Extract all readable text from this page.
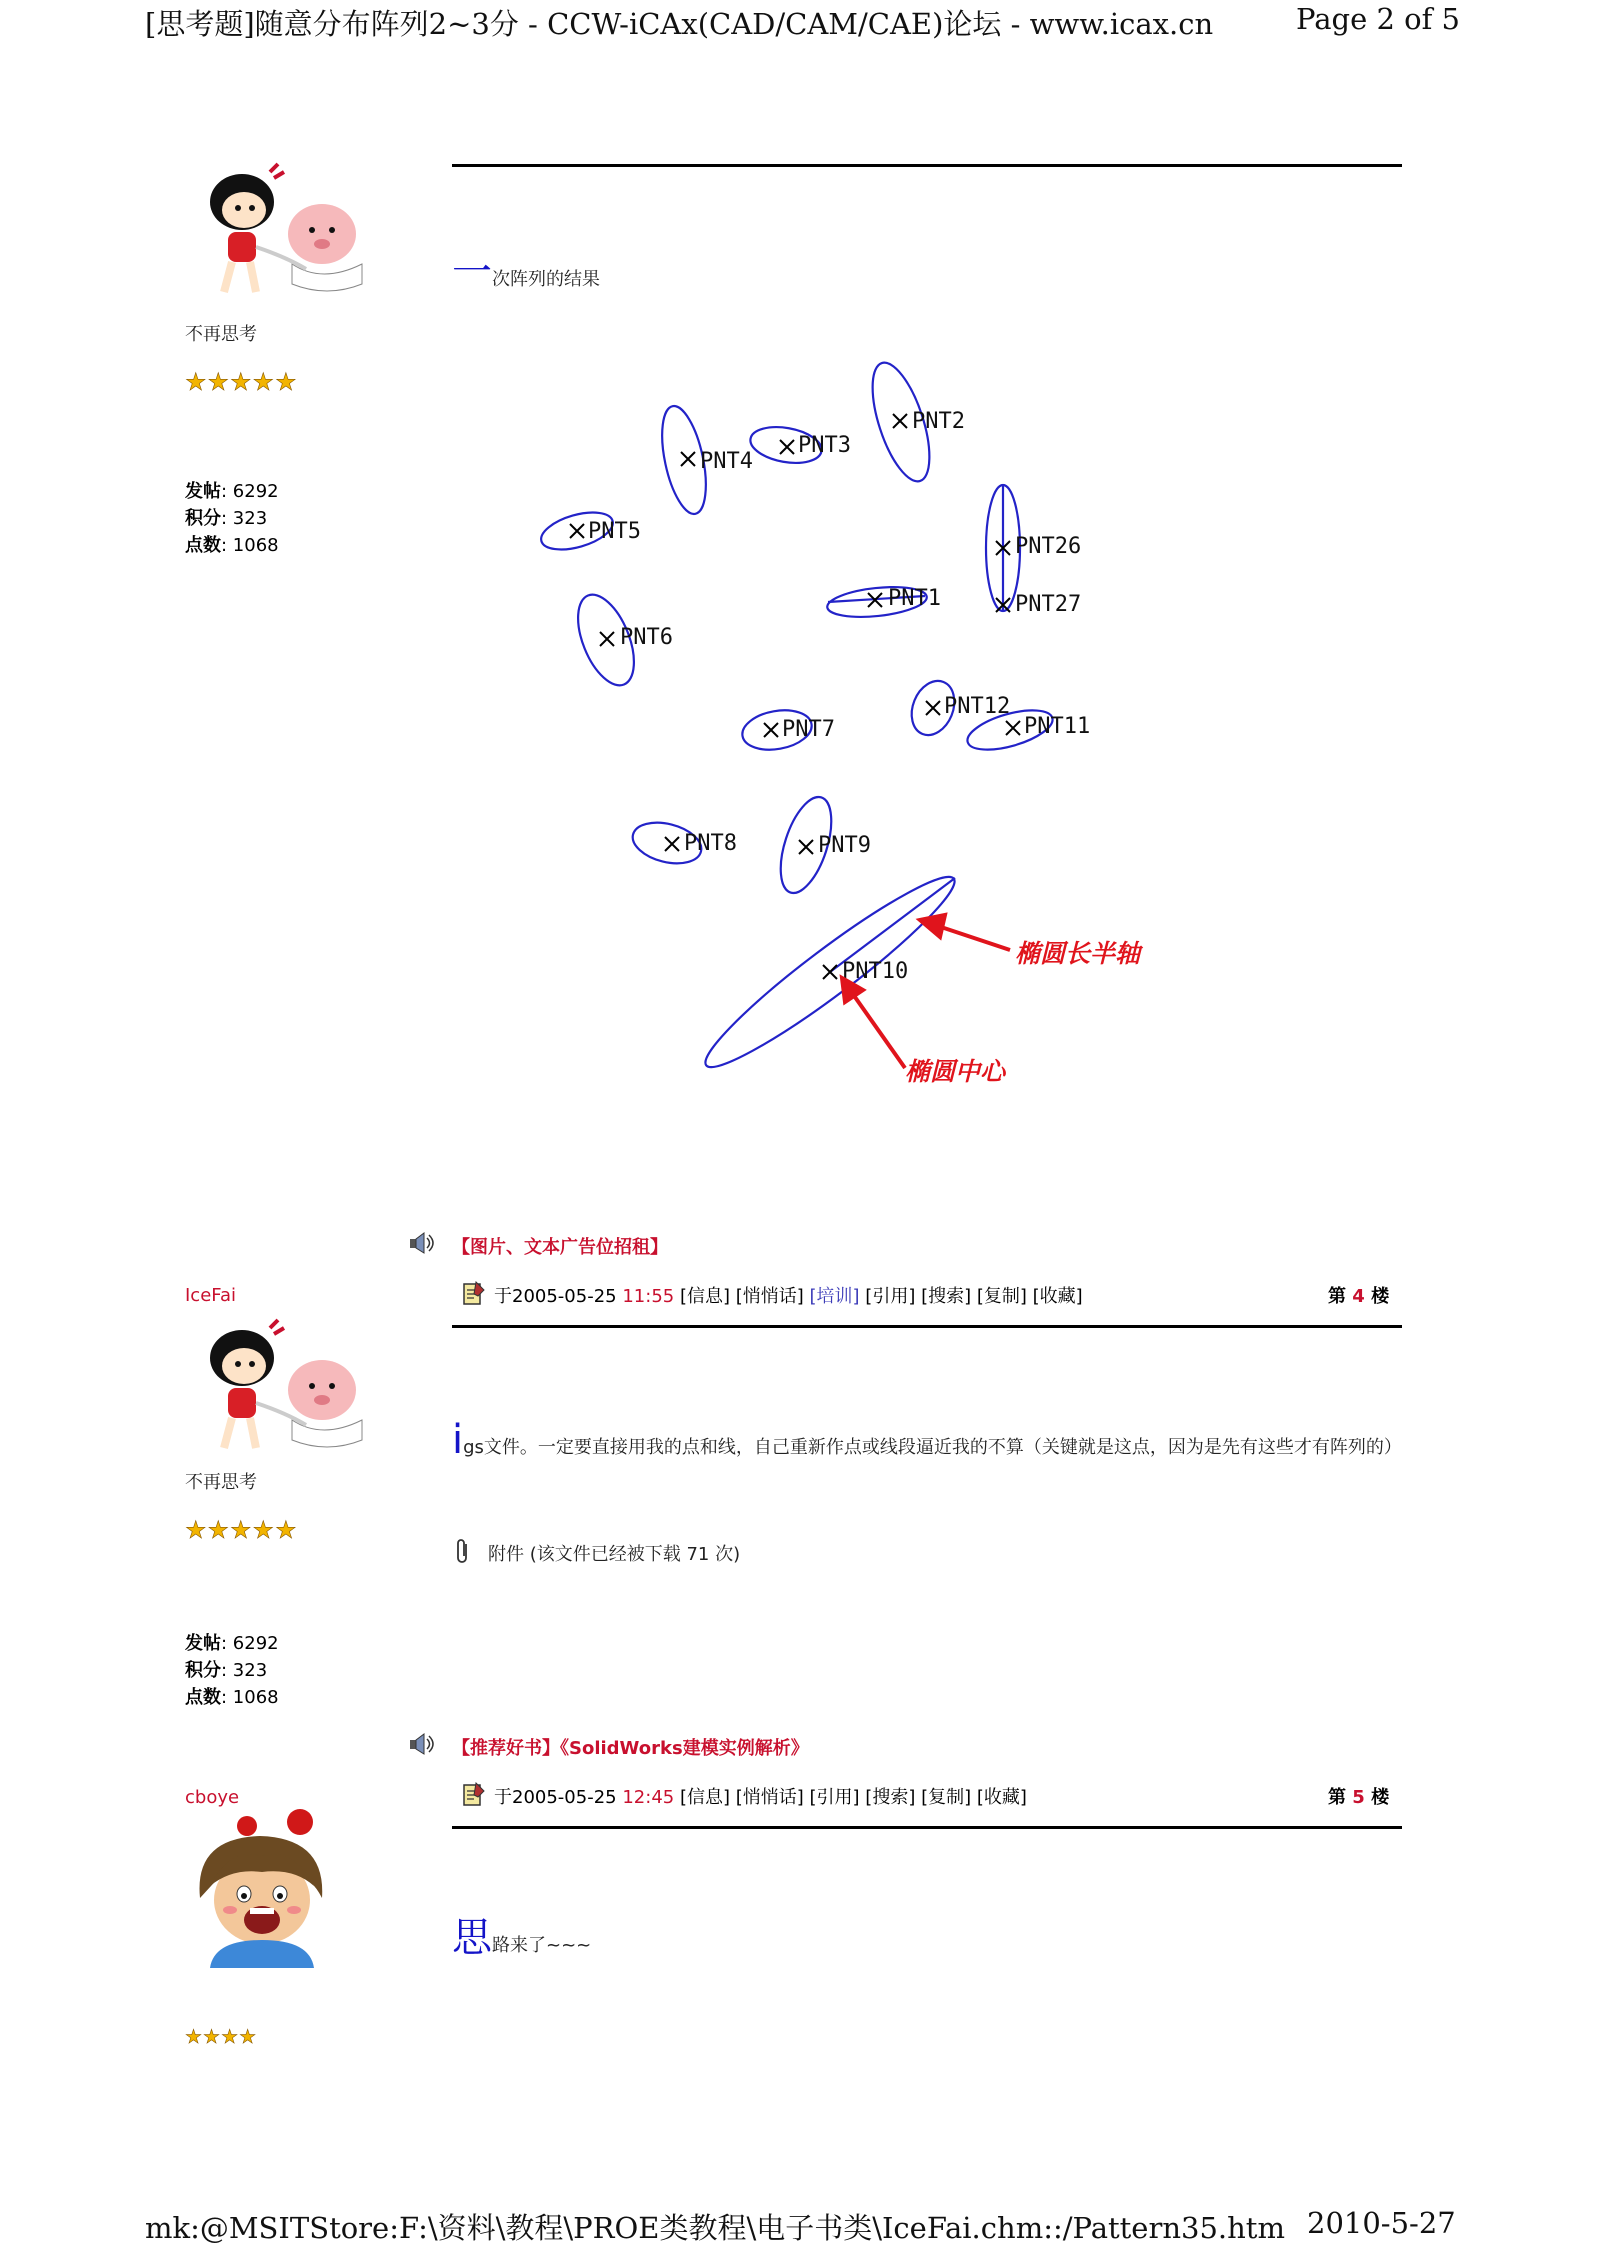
[思考题]随意分布阵列2~3分 - CCW-iCAx(CAD/CAM/CAE)论坛 - www.icax.cn	Page 2 of 5
不再思考
★ ★ ★ ★ ★
发帖: 6292
积分: 323
点数: 1068
一次阵列的结果
PNT2
PNT3
PNT4
PNT5
PNT26
PNT27
PNT1
PNT6
PNT12
PNT11
PNT7
PNT8	PNT9
PNT10
椭圆长半轴
椭圆中心
【图片、文本广告位招租】
IceFai
不再思考
★ ★ ★ ★ ★
发帖: 6292
积分: 323
点数: 1068
于2005-05-25 11:55 [信息] [悄悄话] [培训] [引用] [搜索] [复制] [收藏]	第 4 楼
igs文件。一定要直接用我的点和线，自己重新作点或线段逼近我的不算（关键就是这点，因为是先有这些才有阵列的）
附件 (该文件已经被下载 71 次)
【推荐好书】《SolidWorks建模实例解析》
cboye
★ ★ ★ ★
于2005-05-25 12:45 [信息] [悄悄话] [引用] [搜索] [复制] [收藏]	第 5 楼
思路来了~~~
mk:@MSITStore:F:\资料\教程\PROE类教程\电子书类\IceFai.chm::/Pattern35.htm 2010-5-27
